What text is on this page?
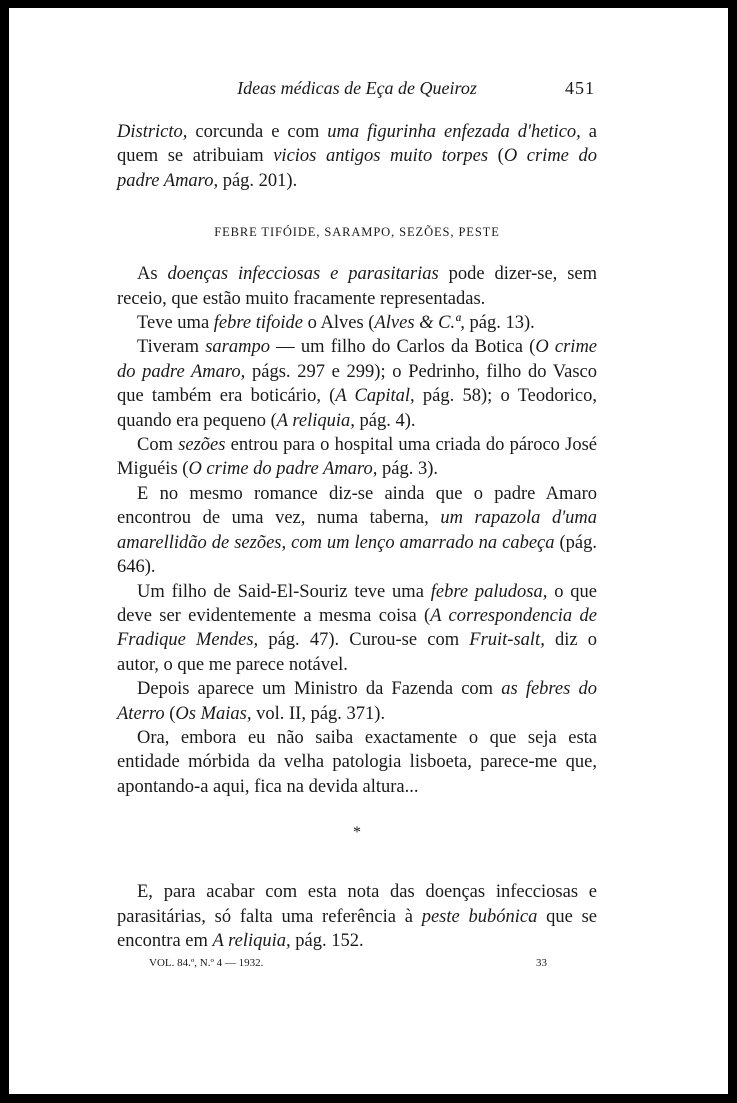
Ideas médicas de Eça de Queiroz	451

Districto, corcunda e com uma figurinha enfezada d'hetico, a quem se atribuiam vicios antigos muito torpes (O crime do padre Amaro, pág. 201).

FEBRE TIFÓIDE, SARAMPO, SEZÕES, PESTE

As doenças infecciosas e parasitarias pode dizer-se, sem receio, que estão muito fracamente representadas.

Teve uma febre tifoide o Alves (Alves & C.ª, pág. 13).

Tiveram sarampo — um filho do Carlos da Botica (O crime do padre Amaro, págs. 297 e 299); o Pedrinho, filho do Vasco que também era boticário, (A Capital, pág. 58); o Teodorico, quando era pequeno (A reliquia, pág. 4).

Com sezões entrou para o hospital uma criada do pároco José Miguéis (O crime do padre Amaro, pág. 3).

E no mesmo romance diz-se ainda que o padre Amaro encontrou de uma vez, numa taberna, um rapazola d'uma amarellidão de sezões, com um lenço amarrado na cabeça (pág. 646).

Um filho de Said-El-Souriz teve uma febre paludosa, o que deve ser evidentemente a mesma coisa (A correspondencia de Fradique Mendes, pág. 47). Curou-se com Fruit-salt, diz o autor, o que me parece notável.

Depois aparece um Ministro da Fazenda com as febres do Aterro (Os Maias, vol. II, pág. 371).

Ora, embora eu não saiba exactamente o que seja esta entidade mórbida da velha patologia lisboeta, parece-me que, apontando-a aqui, fica na devida altura...

*

E, para acabar com esta nota das doenças infecciosas e parasitárias, só falta uma referência à peste bubónica que se encontra em A reliquia, pág. 152.

VOL. 84.º, N.º 4 — 1932.	33
